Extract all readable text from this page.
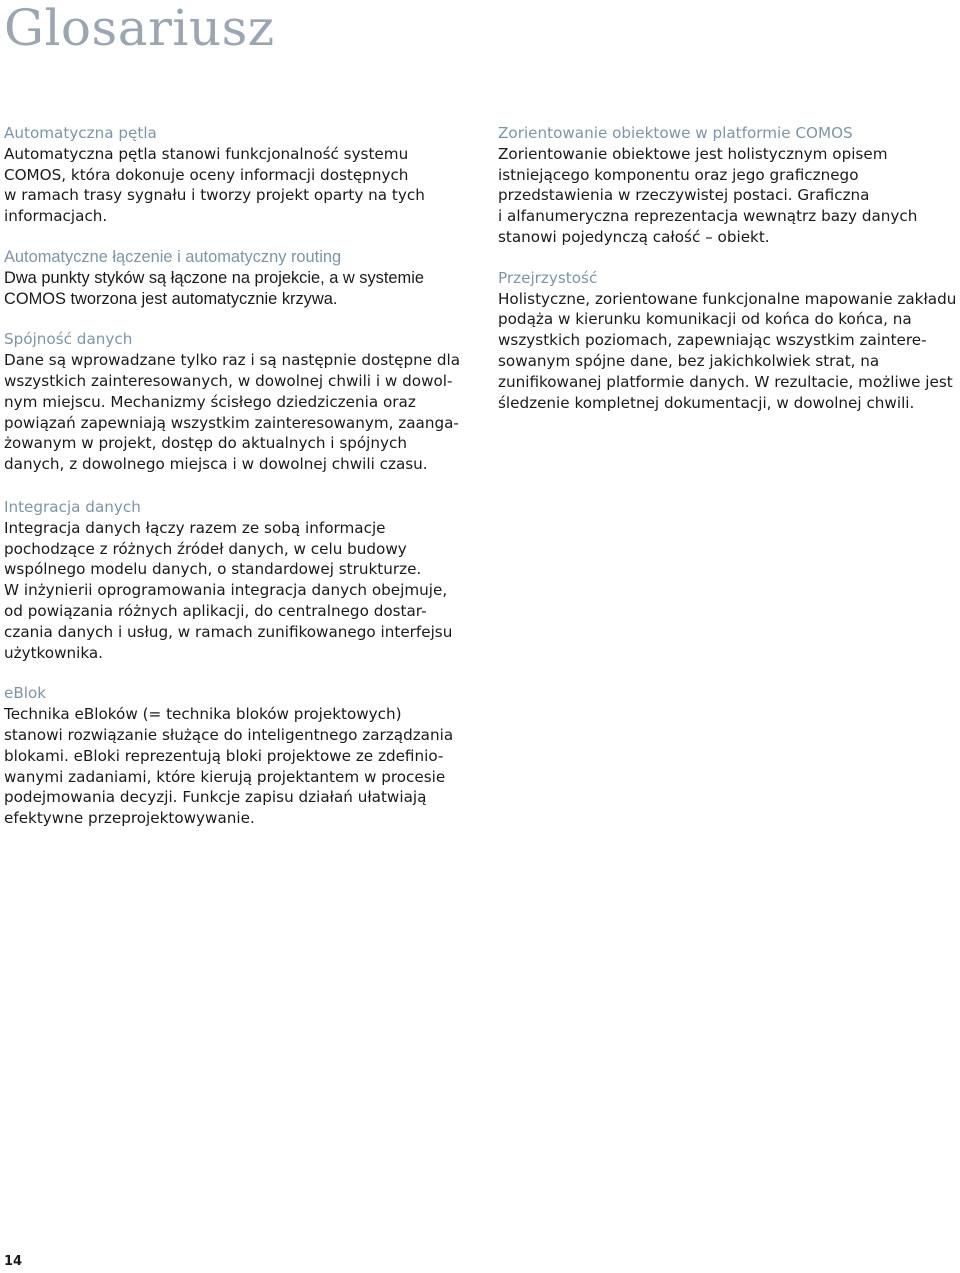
Glosariusz
Automatyczna pętla
Automatyczna pętla stanowi funkcjonalność systemu
COMOS, która dokonuje oceny informacji dostępnych
w ramach trasy sygnału i tworzy projekt oparty na tych
informacjach.
Automatyczne łączenie i automatyczny routing
Dwa punkty styków są łączone na projekcie, a w systemie
COMOS tworzona jest automatycznie krzywa.
Spójność danych
Dane są wprowadzane tylko raz i są następnie dostępne dla
wszystkich zainteresowanych, w dowolnej chwili i w dowol-
nym miejscu. Mechanizmy ścisłego dziedziczenia oraz
powiązań zapewniają wszystkim zainteresowanym, zaanga-
żowanym w projekt, dostęp do aktualnych i spójnych
danych, z dowolnego miejsca i w dowolnej chwili czasu.
Integracja danych
Integracja danych łączy razem ze sobą informacje
pochodzące z różnych źródeł danych, w celu budowy
wspólnego modelu danych, o standardowej strukturze.
W inżynierii oprogramowania integracja danych obejmuje,
od powiązania różnych aplikacji, do centralnego dostar-
czania danych i usług, w ramach zunifikowanego interfejsu
użytkownika.
eBlok
Technika eBloków (= technika bloków projektowych)
stanowi rozwiązanie służące do inteligentnego zarządzania
blokami. eBloki reprezentują bloki projektowe ze zdefinio-
wanymi zadaniami, które kierują projektantem w procesie
podejmowania decyzji. Funkcje zapisu działań ułatwiają
efektywne przeprojektowywanie.
Zorientowanie obiektowe w platformie COMOS
Zorientowanie obiektowe jest holistycznym opisem
istniejącego komponentu oraz jego graficznego
przedstawienia w rzeczywistej postaci. Graficzna
i alfanumeryczna reprezentacja wewnątrz bazy danych
stanowi pojedynczą całość – obiekt.
Przejrzystość
Holistyczne, zorientowane funkcjonalne mapowanie zakładu
podąża w kierunku komunikacji od końca do końca, na
wszystkich poziomach, zapewniając wszystkim zaintere-
sowanym spójne dane, bez jakichkolwiek strat, na
zunifikowanej platformie danych. W rezultacie, możliwe jest
śledzenie kompletnej dokumentacji, w dowolnej chwili.
14
